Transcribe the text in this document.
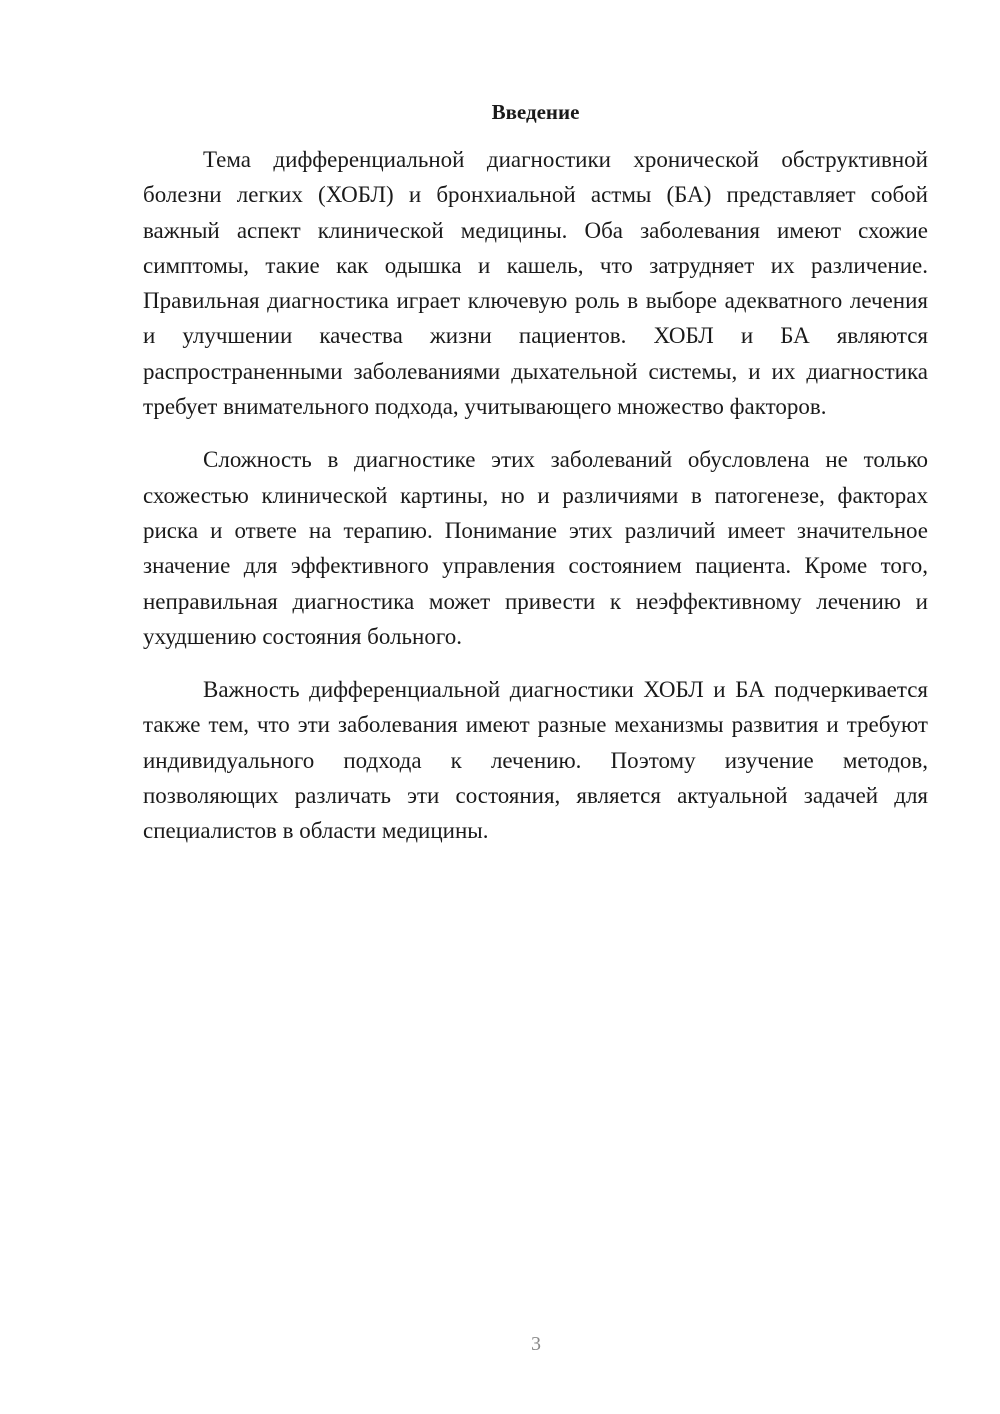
Введение

Тема дифференциальной диагностики хронической обструктивной болезни легких (ХОБЛ) и бронхиальной астмы (БА) представляет собой важный аспект клинической медицины. Оба заболевания имеют схожие симптомы, такие как одышка и кашель, что затрудняет их различение. Правильная диагностика играет ключевую роль в выборе адекватного лечения и улучшении качества жизни пациентов. ХОБЛ и БА являются распространенными заболеваниями дыхательной системы, и их диагностика требует внимательного подхода, учитывающего множество факторов.

Сложность в диагностике этих заболеваний обусловлена не только схожестью клинической картины, но и различиями в патогенезе, факторах риска и ответе на терапию. Понимание этих различий имеет значительное значение для эффективного управления состоянием пациента. Кроме того, неправильная диагностика может привести к неэффективному лечению и ухудшению состояния больного.

Важность дифференциальной диагностики ХОБЛ и БА подчеркивается также тем, что эти заболевания имеют разные механизмы развития и требуют индивидуального подхода к лечению. Поэтому изучение методов, позволяющих различать эти состояния, является актуальной задачей для специалистов в области медицины.

3
